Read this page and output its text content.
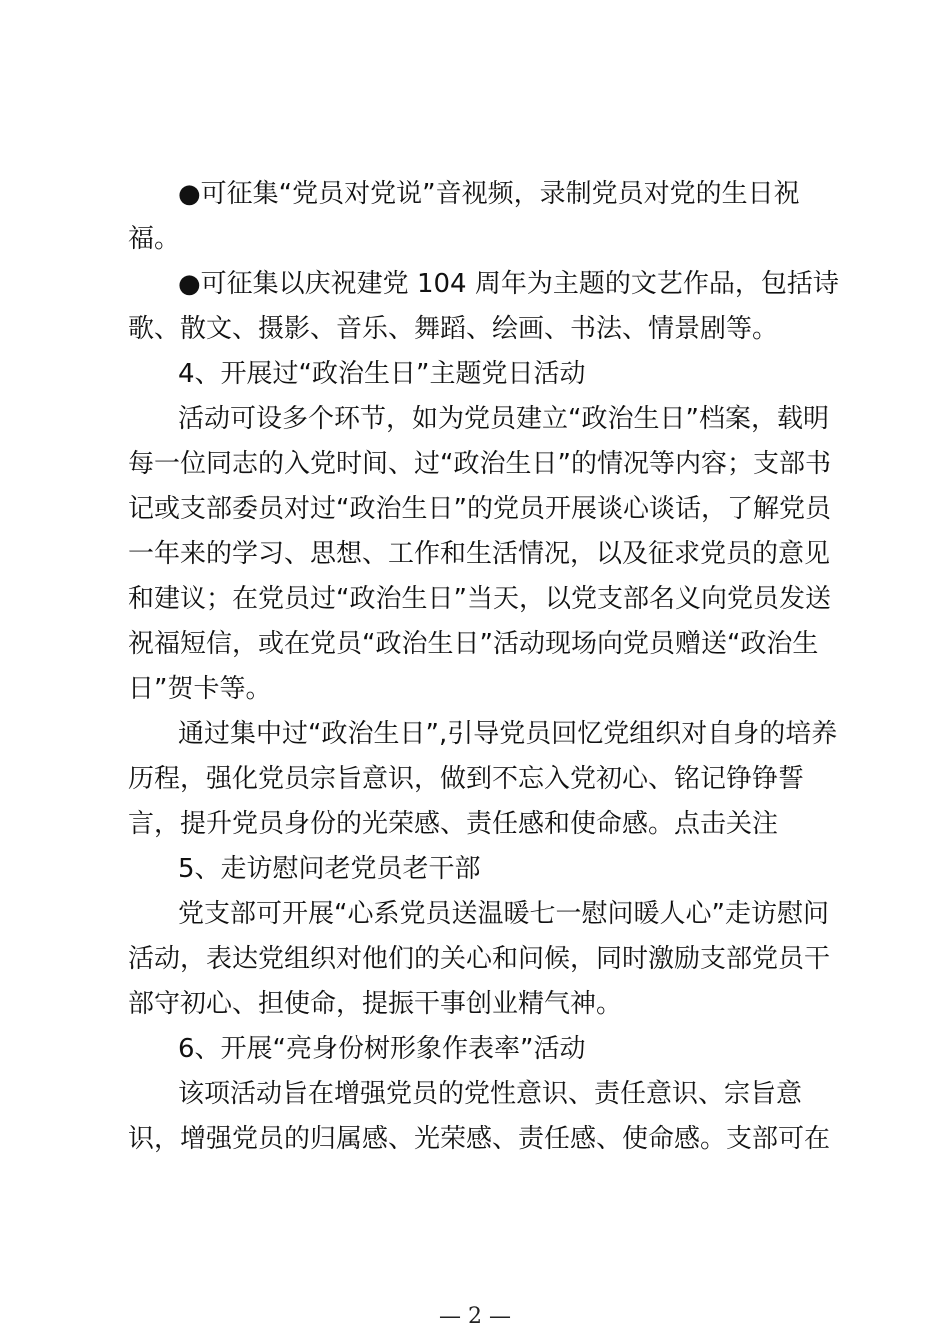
●可征集“党员对党说”音视频，录制党员对党的生日祝
福。
●可征集以庆祝建党 104 周年为主题的文艺作品，包括诗
歌、散文、摄影、音乐、舞蹈、绘画、书法、情景剧等。
4、开展过“政治生日”主题党日活动
活动可设多个环节，如为党员建立“政治生日”档案，载明
每一位同志的入党时间、过“政治生日”的情况等内容；支部书
记或支部委员对过“政治生日”的党员开展谈心谈话，了解党员
一年来的学习、思想、工作和生活情况，以及征求党员的意见
和建议；在党员过“政治生日”当天，以党支部名义向党员发送
祝福短信，或在党员“政治生日”活动现场向党员赠送“政治生
日”贺卡等。
通过集中过“政治生日”,引导党员回忆党组织对自身的培养
历程，强化党员宗旨意识，做到不忘入党初心、铭记铮铮誓
言，提升党员身份的光荣感、责任感和使命感。点击关注
5、走访慰问老党员老干部
党支部可开展“心系党员送温暖七一慰问暖人心”走访慰问
活动，表达党组织对他们的关心和问候，同时激励支部党员干
部守初心、担使命，提振干事创业精气神。
6、开展“亮身份树形象作表率”活动
该项活动旨在增强党员的党性意识、责任意识、宗旨意
识，增强党员的归属感、光荣感、责任感、使命感。支部可在
— 2 —
